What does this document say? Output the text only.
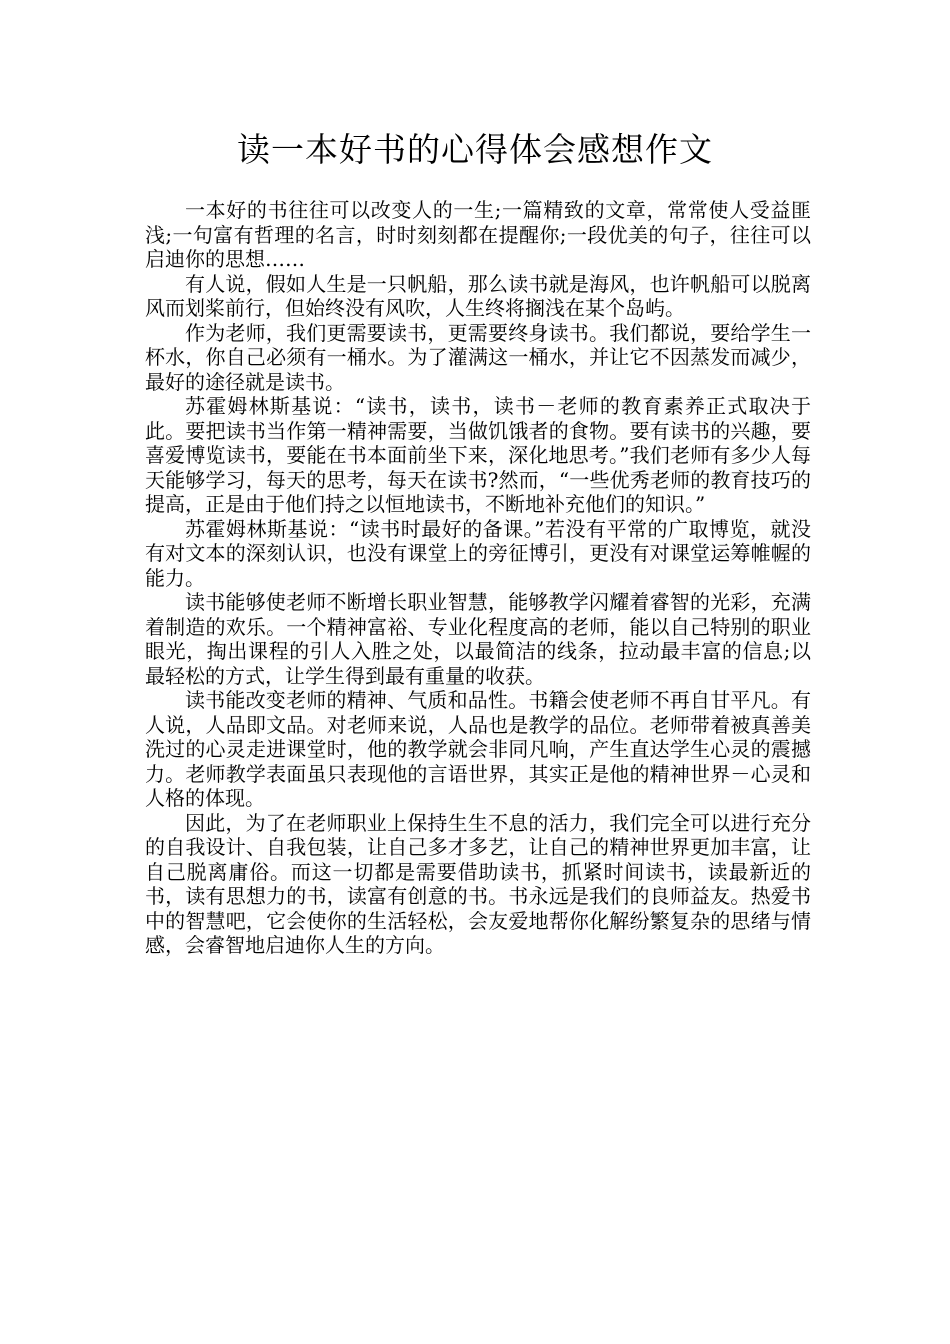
读一本好书的心得体会感想作文

一本好的书往往可以改变人的一生;一篇精致的文章，常常使人受益匪浅;一句富有哲理的名言，时时刻刻都在提醒你;一段优美的句子，往往可以启迪你的思想……

有人说，假如人生是一只帆船，那么读书就是海风，也许帆船可以脱离风而划桨前行，但始终没有风吹，人生终将搁浅在某个岛屿。

作为老师，我们更需要读书，更需要终身读书。我们都说，要给学生一杯水，你自己必须有一桶水。为了灌满这一桶水，并让它不因蒸发而减少，最好的途径就是读书。

苏霍姆林斯基说：“读书，读书，读书－老师的教育素养正式取决于此。要把读书当作第一精神需要，当做饥饿者的食物。要有读书的兴趣，要喜爱博览读书，要能在书本面前坐下来，深化地思考。”我们老师有多少人每天能够学习，每天的思考，每天在读书?然而，“一些优秀老师的教育技巧的提高，正是由于他们持之以恒地读书，不断地补充他们的知识。”

苏霍姆林斯基说：“读书时最好的备课。”若没有平常的广取博览，就没有对文本的深刻认识，也没有课堂上的旁征博引，更没有对课堂运筹帷幄的能力。

读书能够使老师不断增长职业智慧，能够教学闪耀着睿智的光彩，充满着制造的欢乐。一个精神富裕、专业化程度高的老师，能以自己特别的职业眼光，掏出课程的引人入胜之处，以最简洁的线条，拉动最丰富的信息;以最轻松的方式，让学生得到最有重量的收获。

读书能改变老师的精神、气质和品性。书籍会使老师不再自甘平凡。有人说，人品即文品。对老师来说，人品也是教学的品位。老师带着被真善美洗过的心灵走进课堂时，他的教学就会非同凡响，产生直达学生心灵的震撼力。老师教学表面虽只表现他的言语世界，其实正是他的精神世界－心灵和人格的体现。

因此，为了在老师职业上保持生生不息的活力，我们完全可以进行充分的自我设计、自我包装，让自己多才多艺，让自己的精神世界更加丰富，让自己脱离庸俗。而这一切都是需要借助读书，抓紧时间读书，读最新近的书，读有思想力的书，读富有创意的书。书永远是我们的良师益友。热爱书中的智慧吧，它会使你的生活轻松，会友爱地帮你化解纷繁复杂的思绪与情感，会睿智地启迪你人生的方向。
